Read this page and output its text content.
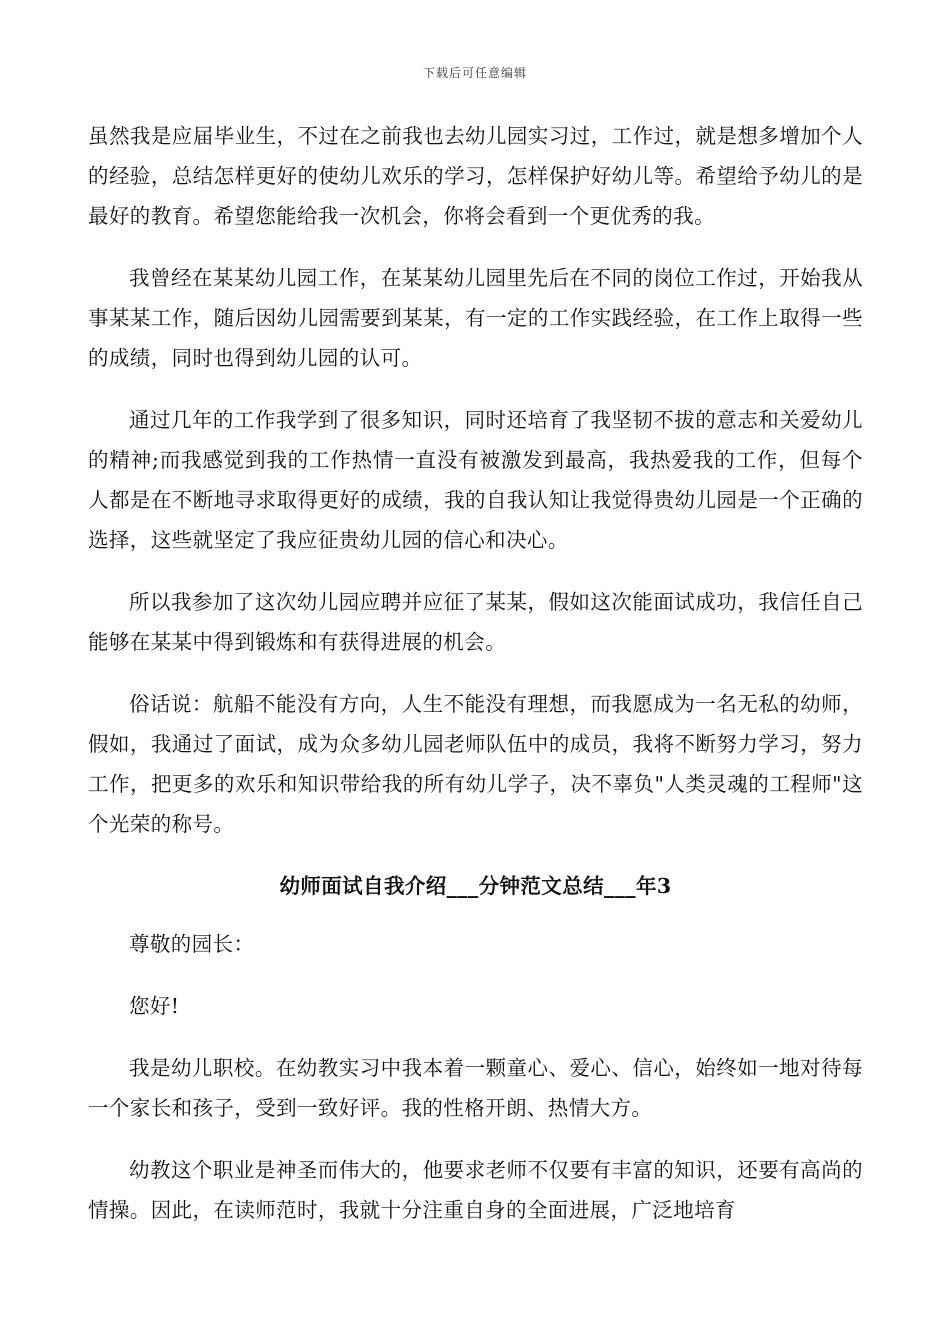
下载后可任意编辑

虽然我是应届毕业生，不过在之前我也去幼儿园实习过，工作过，就是想多增加个人的经验，总结怎样更好的使幼儿欢乐的学习，怎样保护好幼儿等。希望给予幼儿的是最好的教育。希望您能给我一次机会，你将会看到一个更优秀的我。

我曾经在某某幼儿园工作，在某某幼儿园里先后在不同的岗位工作过，开始我从事某某工作，随后因幼儿园需要到某某，有一定的工作实践经验，在工作上取得一些的成绩，同时也得到幼儿园的认可。

通过几年的工作我学到了很多知识，同时还培育了我坚韧不拔的意志和关爱幼儿的精神;而我感觉到我的工作热情一直没有被激发到最高，我热爱我的工作，但每个人都是在不断地寻求取得更好的成绩，我的自我认知让我觉得贵幼儿园是一个正确的选择，这些就坚定了我应征贵幼儿园的信心和决心。

所以我参加了这次幼儿园应聘并应征了某某，假如这次能面试成功，我信任自己能够在某某中得到锻炼和有获得进展的机会。

俗话说：航船不能没有方向，人生不能没有理想，而我愿成为一名无私的幼师，假如，我通过了面试，成为众多幼儿园老师队伍中的成员，我将不断努力学习，努力工作，把更多的欢乐和知识带给我的所有幼儿学子，决不辜负"人类灵魂的工程师"这个光荣的称号。

幼师面试自我介绍___分钟范文总结___年3

尊敬的园长：

您好!

我是幼儿职校。在幼教实习中我本着一颗童心、爱心、信心，始终如一地对待每一个家长和孩子，受到一致好评。我的性格开朗、热情大方。

幼教这个职业是神圣而伟大的，他要求老师不仅要有丰富的知识，还要有高尚的情操。因此，在读师范时，我就十分注重自身的全面进展，广泛地培育
